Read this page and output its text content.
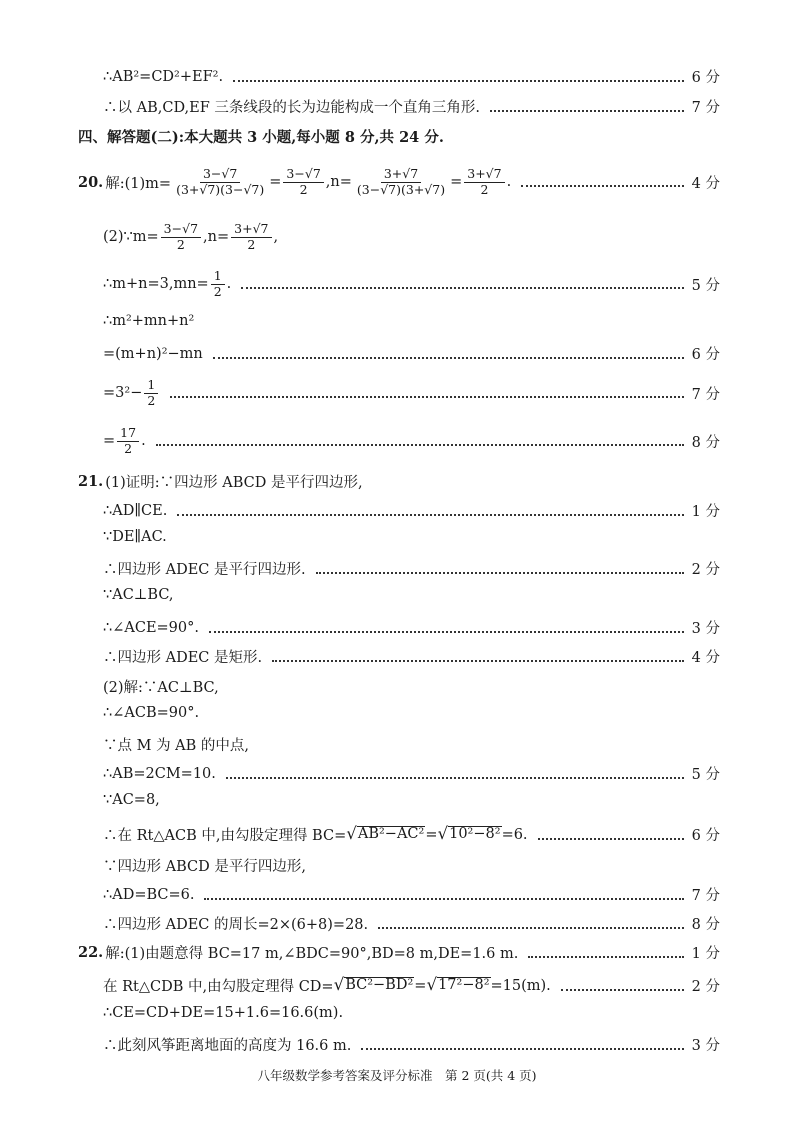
∴AB²=CD²+EF².	6 分
∴以 AB,CD,EF 三条线段的长为边能构成一个直角三角形.	7 分
四、解答题(二):本大题共 3 小题,每小题 8 分,共 24 分.
20. 解:(1)m= $\frac{3-√7}{(3+√7)(3-√7)} = \frac{3-√7}{2} ,n= \frac{3+√7}{(3-√7)(3+√7)} = \frac{3+√7}{2}$ .	4 分
(2)∵m= $\frac{3-√7}{2} ,n= \frac{3+√7}{2}$ ,
∴m+n=3,mn= $\frac{1}{2}$ .	5 分
∴m²+mn+n²
=(m+n)²−mn	6 分
$=3^2- \frac{1}{2}$	7 分
= $\frac{17}{2}$ .	8 分
21. (1)证明:∵四边形 ABCD 是平行四边形,
∴AD∥CE.	1 分
∵DE∥AC.
∴四边形 ADEC 是平行四边形.	2 分
∵AC⊥BC,
∴∠ACE=90°.	3 分
∴四边形 ADEC 是矩形.	4 分
(2)解:∵AC⊥BC,
∴∠ACB=90°.
∵点 M 为 AB 的中点,
∴AB=2CM=10.	5 分
∵AC=8,
∴在 Rt△ACB 中,由勾股定理得 BC= √ AB²−AC² = √ 10²−8² =6.	6 分
∵四边形 ABCD 是平行四边形,
∴AD=BC=6.	7 分
∴四边形 ADEC 的周长=2×(6+8)=28.	8 分
22. 解:(1)由题意得 BC=17 m,∠BDC=90°,BD=8 m,DE=1.6 m.	1 分
在 Rt△CDB 中,由勾股定理得 CD= √ BC²−BD² = √ 17²−8² =15(m).	2 分
∴CE=CD+DE=15+1.6=16.6(m).
∴此刻风筝距离地面的高度为 16.6 m.	3 分
八年级数学参考答案及评分标准　第 2 页(共 4 页)
